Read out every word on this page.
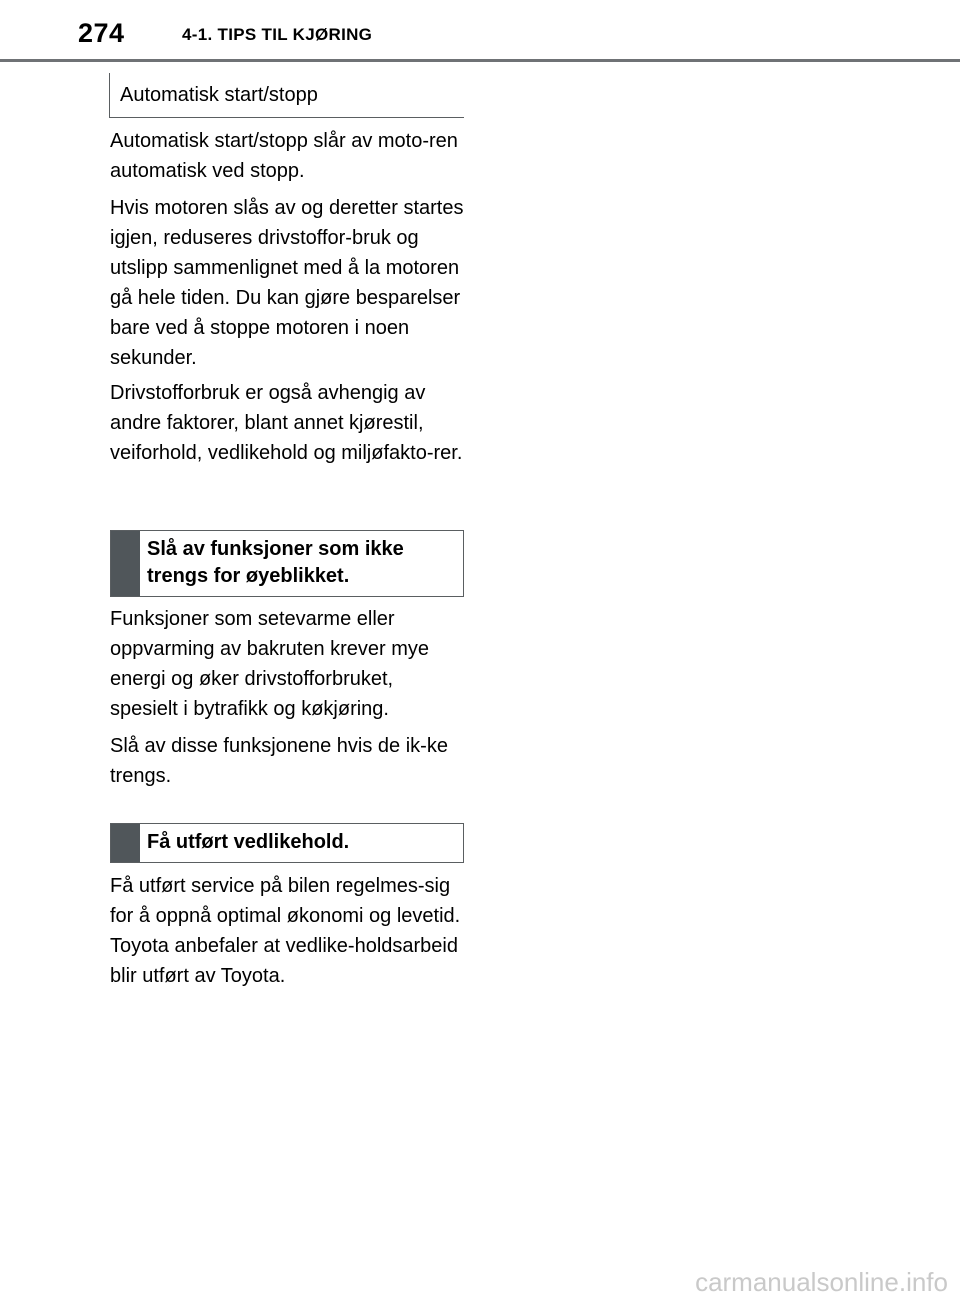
274	4-1. TIPS TIL KJØRING
Automatisk start/stopp

Automatisk start/stopp slår av moto-ren automatisk ved stopp.

Hvis motoren slås av og deretter startes igjen, reduseres drivstoffor-bruk og utslipp sammenlignet med å la motoren gå hele tiden. Du kan gjøre besparelser bare ved å stoppe motoren i noen sekunder.

Drivstofforbruk er også avhengig av andre faktorer, blant annet kjørestil, veiforhold, vedlikehold og miljøfakto-rer.

Slå av funksjoner som ikke trengs for øyeblikket.

Funksjoner som setevarme eller oppvarming av bakruten krever mye energi og øker drivstofforbruket, spesielt i bytrafikk og køkjøring.

Slå av disse funksjonene hvis de ik-ke trengs.

Få utført vedlikehold.

Få utført service på bilen regelmes-sig for å oppnå optimal økonomi og levetid. Toyota anbefaler at vedlike-holdsarbeid blir utført av Toyota.

carmanualsonline.info
